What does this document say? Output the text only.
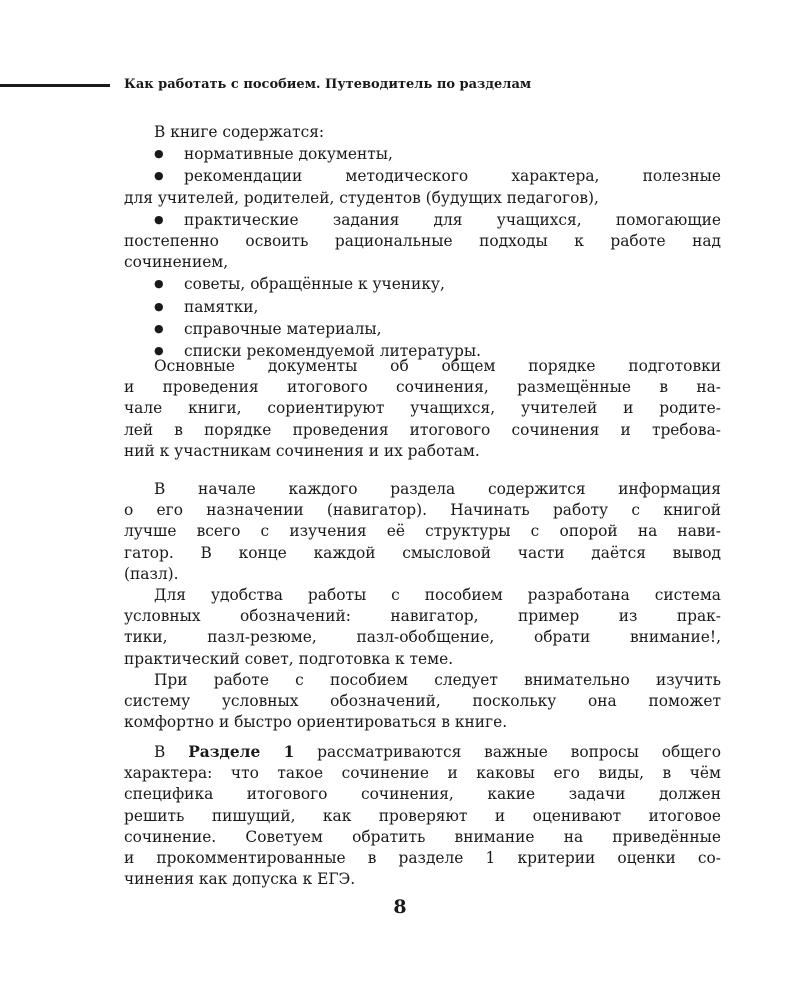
Как работать с пособием. Путеводитель по разделам
В книге содержатся:
● нормативные документы,
● рекомендации методического характера, полезные
для учителей, родителей, студентов (будущих педагогов),
● практические задания для учащихся, помогающие
постепенно освоить рациональные подходы к работе над
сочинением,
● советы, обращённые к ученику,
● памятки,
● справочные материалы,
● списки рекомендуемой литературы.
Основные документы об общем порядке подготовки
и проведения итогового сочинения, размещённые в на-
чале книги, сориентируют учащихся, учителей и родите-
лей в порядке проведения итогового сочинения и требова-
ний к участникам сочинения и их работам.
В начале каждого раздела содержится информация
о его назначении (навигатор). Начинать работу с книгой
лучше всего с изучения её структуры с опорой на нави-
гатор. В конце каждой смысловой части даётся вывод
(пазл).
Для удобства работы с пособием разработана система
условных обозначений: навигатор, пример из прак-
тики, пазл-резюме, пазл-обобщение, обрати внимание!,
практический совет, подготовка к теме.
При работе с пособием следует внимательно изучить
систему условных обозначений, поскольку она поможет
комфортно и быстро ориентироваться в книге.
В Разделе 1 рассматриваются важные вопросы общего
характера: что такое сочинение и каковы его виды, в чём
специфика итогового сочинения, какие задачи должен
решить пишущий, как проверяют и оценивают итоговое
сочинение. Советуем обратить внимание на приведённые
и прокомментированные в разделе 1 критерии оценки со-
чинения как допуска к ЕГЭ.
8
